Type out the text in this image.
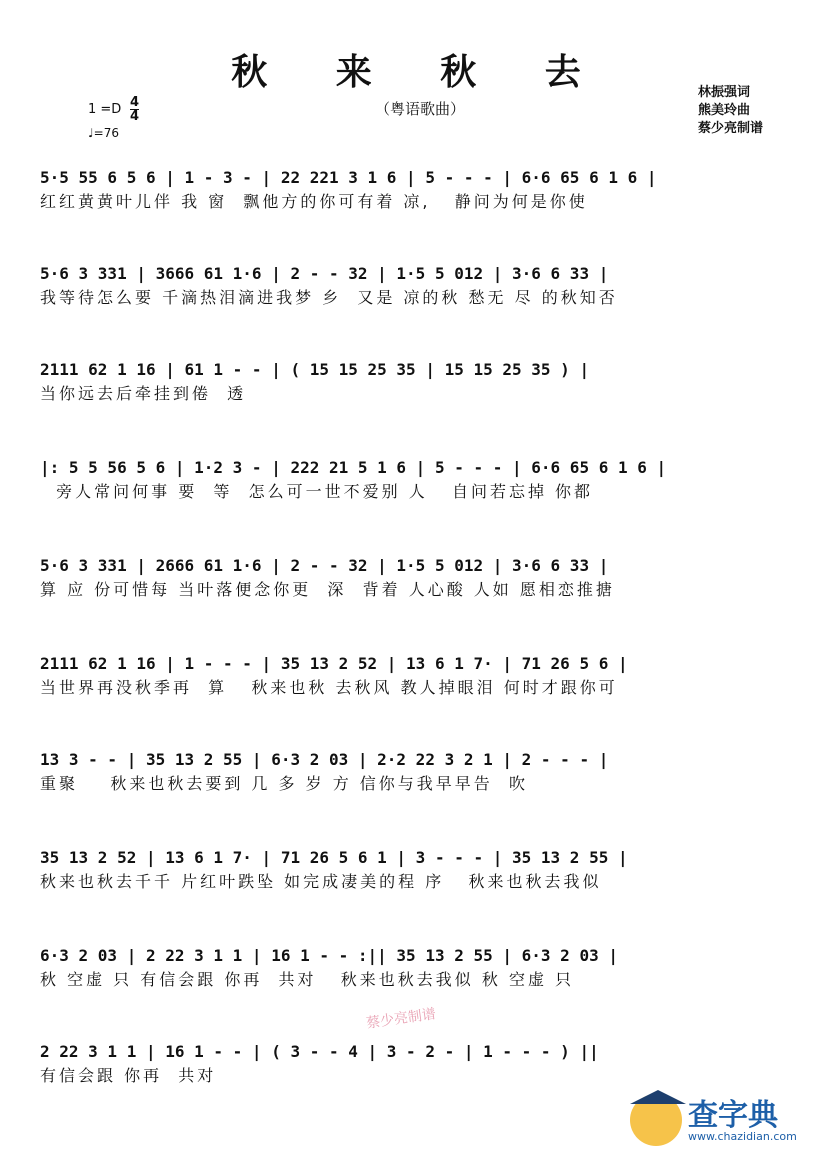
秋 来 秋 去
（粤语歌曲）
1 =D 4
4
♩=76
林振强词
熊美玲曲
蔡少亮制谱
5·5 55 6 5 6 | 1 - 3 - | 22 221 3 1 6 | 5 - - - | 6·6 65 6 1 6 |
红红黄黄叶儿伴 我 窗  飘他方的你可有着 凉,   静问为何是你使
5·6 3 331 | 3666 61 1·6 | 2 - - 32 | 1·5 5 012 | 3·6 6 33 |
我等待怎么要 千滴热泪滴进我梦 乡  又是 凉的秋 愁无 尽 的秋知否
2111 62 1 16 | 61 1 - - | ( 15 15 25 35 | 15 15 25 35 ) |
当你远去后牵挂到倦  透
|: 5 5 56 5 6 | 1·2 3 - | 222 21 5 1 6 | 5 - - - | 6·6 65 6 1 6 |
旁人常问何事 要  等  怎么可一世不爱别 人   自问若忘掉 你都
5·6 3 331 | 2666 61 1·6 | 2 - - 32 | 1·5 5 012 | 3·6 6 33 |
算 应 份可惜每 当叶落便念你更  深  背着 人心酸 人如 愿相恋推搪
2111 62 1 16 | 1 - - - | 35 13 2 52 | 13 6 1 7· | 71 26 5 6 |
当世界再没秋季再  算   秋来也秋 去秋风 教人掉眼泪 何时才跟你可
13 3 - - | 35 13 2 55 | 6·3 2 03 | 2·2 22 3 2 1 | 2 - - - |
重聚    秋来也秋去要到 几 多 岁 方 信你与我早早告  吹
35 13 2 52 | 13 6 1 7· | 71 26 5 6 1 | 3 - - - | 35 13 2 55 |
秋来也秋去千千 片红叶跌坠 如完成凄美的程 序   秋来也秋去我似
6·3 2 03 | 2 22 3 1 1 | 16 1 - - :|| 35 13 2 55 | 6·3 2 03 |
秋 空虚 只 有信会跟 你再  共对   秋来也秋去我似 秋 空虚 只
2 22 3 1 1 | 16 1 - - | ( 3 - - 4 | 3 - 2 - | 1 - - - ) ||
有信会跟 你再  共对
蔡少亮制谱
查字典
www.chazidian.com
